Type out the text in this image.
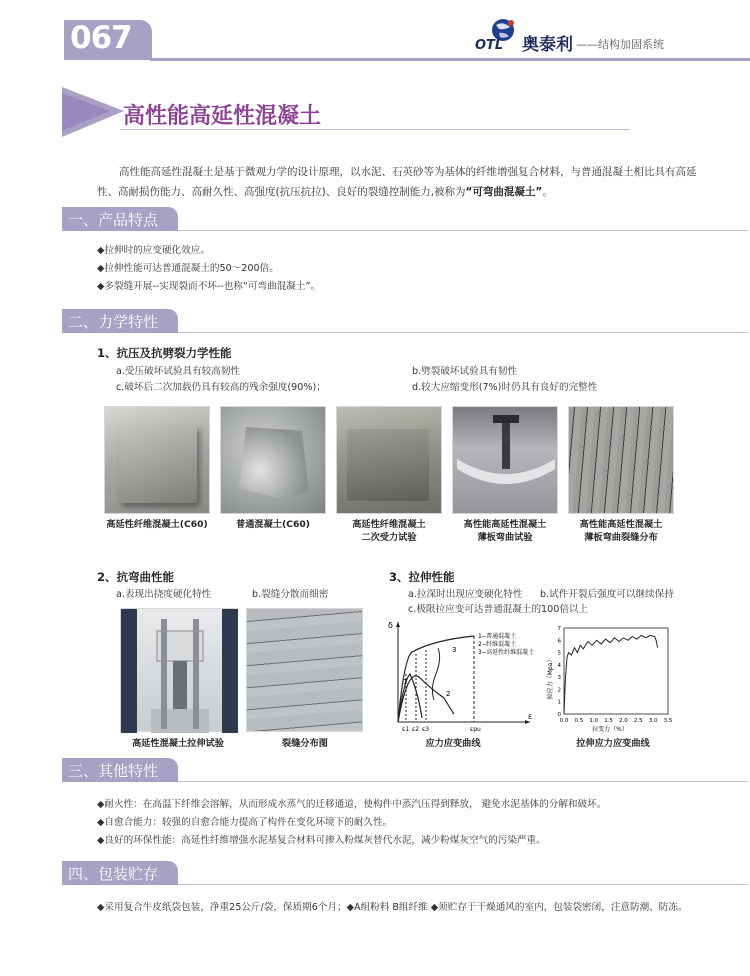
067	OTL 奥泰利 ——结构加固系统
高性能高延性混凝土
高性能高延性混凝土是基于微观力学的设计原理，以水泥、石英砂等为基体的纤维增强复合材料，与普通混凝土相比具有高延性、高耐损伤能力、高耐久性、高强度(抗压抗拉)、良好的裂缝控制能力,被称为“可弯曲混凝土”。
一、产品特点
◆拉伸时的应变硬化效应。
◆拉伸性能可达普通混凝土的50～200倍。
◆多裂缝开展--实现裂而不坏--也称“可弯曲混凝土”。
二、力学特性
1、抗压及抗劈裂力学性能
a.受压破坏试验具有较高韧性	b.劈裂破坏试验具有韧性
c.破坏后二次加载仍具有较高的残余强度(90%)；	d.较大应缩变形(7%)时仍具有良好的完整性
高延性纤维混凝土(C60)	普通混凝土(C60)	高延性纤维混凝土
二次受力试验
高性能高延性混凝土
薄板弯曲试验
高性能高延性混凝土
薄板弯曲裂缝分布
2、抗弯曲性能
a.表现出挠度硬化特性	b.裂缝分散而细密
高延性混凝土拉伸试验	裂缝分布图
3、拉伸性能
a.拉深时出现应变硬化特性 b.试件开裂后强度可以继续保持
c.极限拉应变可达普通混凝土的100倍以上
δ
ε
ε1 ε2 ε3	εpu
1
2
3
1--普通混凝土
2--纤维混凝土
3--高延性纤维混凝土
0.0 0.5 1.0 1.5 2.0 2.5 3.0 3.5
0
1
2
3
4
5
6
7
拉变力（%）
拉应力（Mpa）
应力应变曲线	拉伸应力应变曲线
三、其他特性
◆耐火性：在高温下纤维会溶解，从而形成水蒸气的迁移通道，使构件中蒸汽压得到释放， 避免水泥基体的分解和破坏。
◆自愈合能力：较强的自愈合能力提高了构件在变化环境下的耐久性。
◆良好的环保性能：高延性纤维增强水泥基复合材料可掺入粉煤灰替代水泥，减少粉煤灰空气的污染严重。
四、包装贮存
◆采用复合牛皮纸袋包装，净重25公斤/袋，保质期6个月；◆A组粉料 B组纤维 ◆须贮存于干燥通风的室内，包装袋密闭，注意防潮、防冻。
